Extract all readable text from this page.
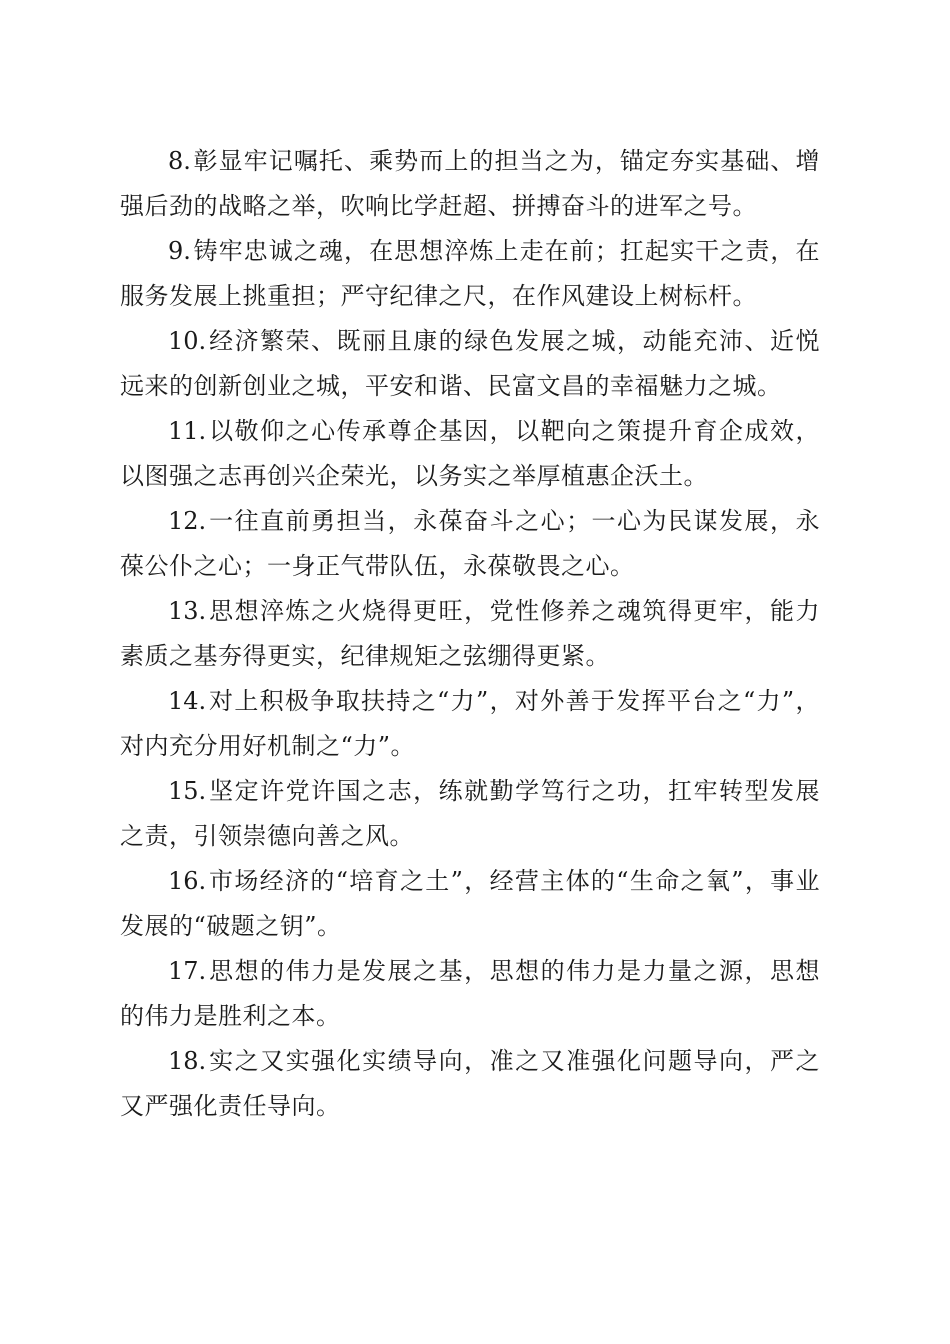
8.彰显牢记嘱托、乘势而上的担当之为，锚定夯实基础、增强后劲的战略之举，吹响比学赶超、拼搏奋斗的进军之号。

9.铸牢忠诚之魂，在思想淬炼上走在前；扛起实干之责，在服务发展上挑重担；严守纪律之尺，在作风建设上树标杆。

10.经济繁荣、既丽且康的绿色发展之城，动能充沛、近悦远来的创新创业之城，平安和谐、民富文昌的幸福魅力之城。

11.以敬仰之心传承尊企基因，以靶向之策提升育企成效，以图强之志再创兴企荣光，以务实之举厚植惠企沃土。

12.一往直前勇担当，永葆奋斗之心；一心为民谋发展，永葆公仆之心；一身正气带队伍，永葆敬畏之心。

13.思想淬炼之火烧得更旺，党性修养之魂筑得更牢，能力素质之基夯得更实，纪律规矩之弦绷得更紧。

14.对上积极争取扶持之“力”，对外善于发挥平台之“力”，对内充分用好机制之“力”。

15.坚定许党许国之志，练就勤学笃行之功，扛牢转型发展之责，引领崇德向善之风。

16.市场经济的“培育之土”，经营主体的“生命之氧”，事业发展的“破题之钥”。

17.思想的伟力是发展之基，思想的伟力是力量之源，思想的伟力是胜利之本。

18.实之又实强化实绩导向，准之又准强化问题导向，严之又严强化责任导向。
